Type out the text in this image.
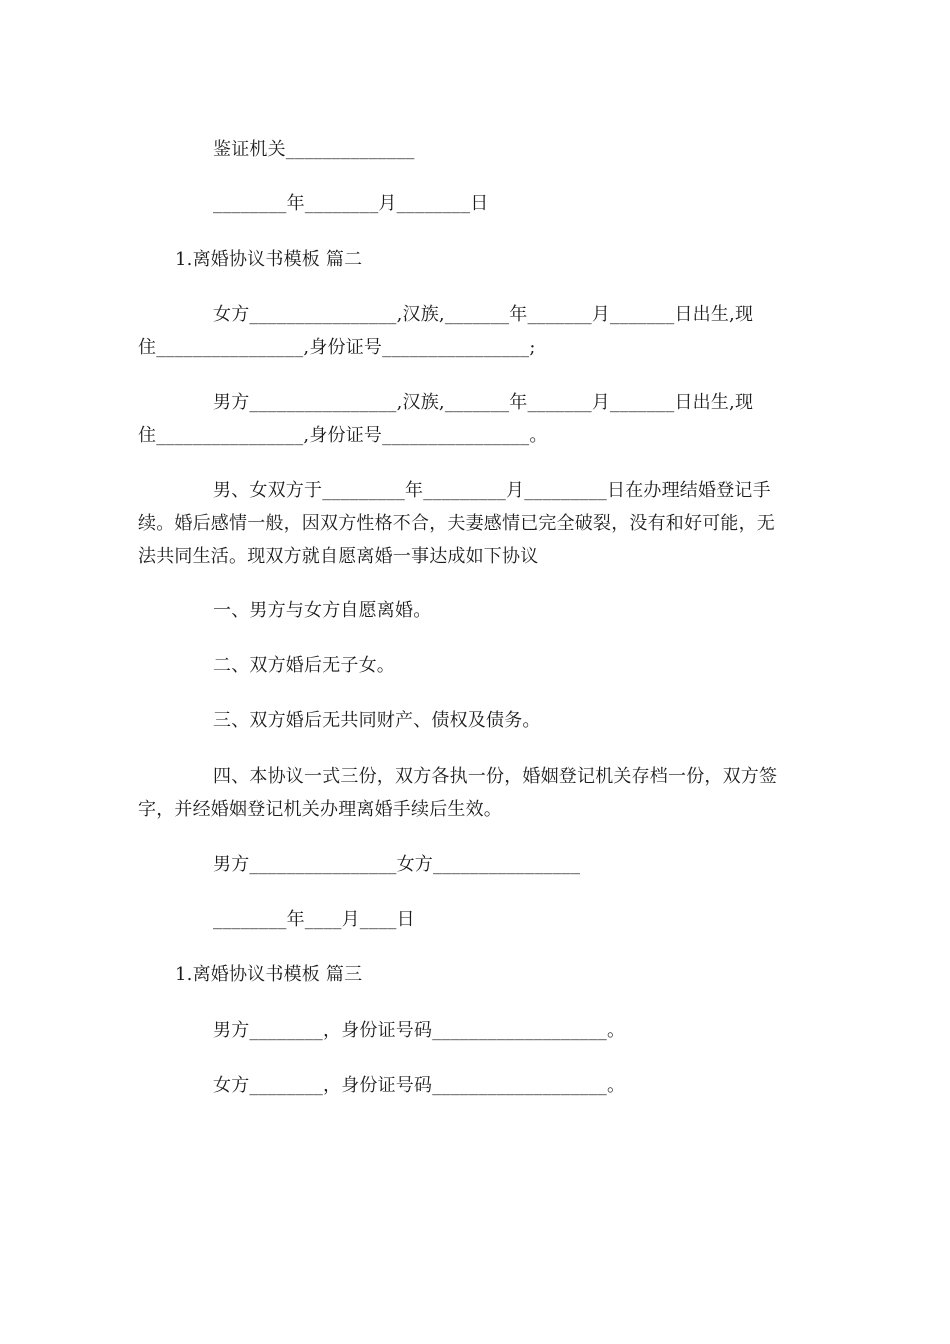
鉴证机关______________
________年________月________日
1.离婚协议书模板 篇二
女方________________,汉族,_______年_______月_______日出生,现
住________________,身份证号________________;
男方________________,汉族,_______年_______月_______日出生,现
住________________,身份证号________________。
男、女双方于_________年_________月_________日在办理结婚登记手
续。婚后感情一般，因双方性格不合，夫妻感情已完全破裂，没有和好可能，无
法共同生活。现双方就自愿离婚一事达成如下协议
一、男方与女方自愿离婚。
二、双方婚后无子女。
三、双方婚后无共同财产、债权及债务。
四、本协议一式三份，双方各执一份，婚姻登记机关存档一份，双方签
字，并经婚姻登记机关办理离婚手续后生效。
男方________________女方________________
________年____月____日
1.离婚协议书模板 篇三
男方________，身份证号码___________________。
女方________，身份证号码___________________。
